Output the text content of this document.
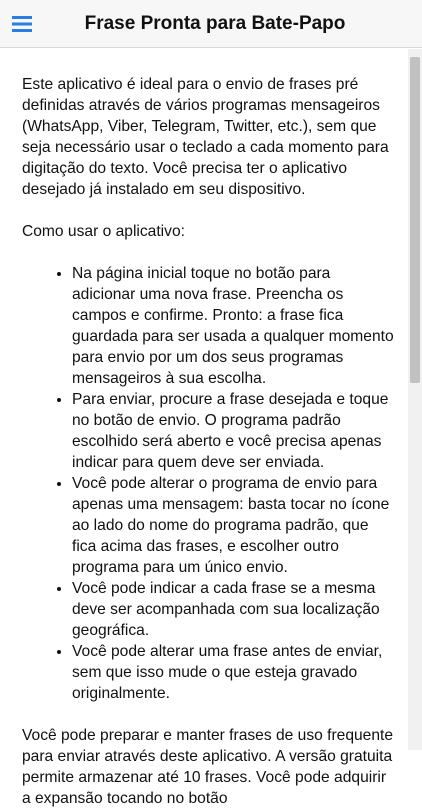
Frase Pronta para Bate-Papo

Este aplicativo é ideal para o envio de frases pré definidas através de vários programas mensageiros (WhatsApp, Viber, Telegram, Twitter, etc.), sem que seja necessário usar o teclado a cada momento para digitação do texto. Você precisa ter o aplicativo desejado já instalado em seu dispositivo.

Como usar o aplicativo:

• Na página inicial toque no botão para adicionar uma nova frase. Preencha os campos e confirme. Pronto: a frase fica guardada para ser usada a qualquer momento para envio por um dos seus programas mensageiros à sua escolha.
• Para enviar, procure a frase desejada e toque no botão de envio. O programa padrão escolhido será aberto e você precisa apenas indicar para quem deve ser enviada.
• Você pode alterar o programa de envio para apenas uma mensagem: basta tocar no ícone ao lado do nome do programa padrão, que fica acima das frases, e escolher outro programa para um único envio.
• Você pode indicar a cada frase se a mesma deve ser acompanhada com sua localização geográfica.
• Você pode alterar uma frase antes de enviar, sem que isso mude o que esteja gravado originalmente.

Você pode preparar e manter frases de uso frequente para enviar através deste aplicativo. A versão gratuita permite armazenar até 10 frases. Você pode adquirir a expansão tocando no botão
